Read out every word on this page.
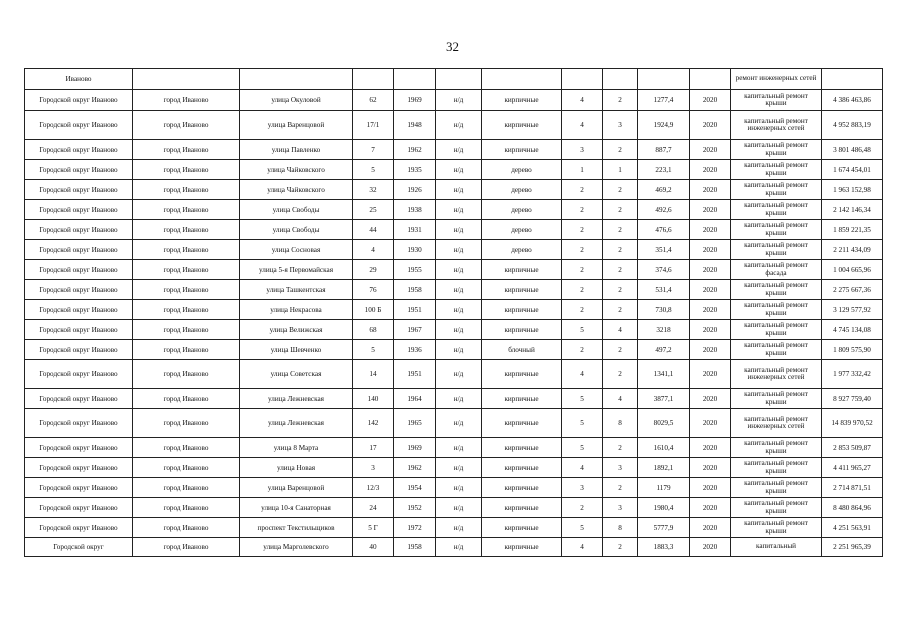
32
Иваново											ремонт инженерных сетей	
Городской округ Иваново	город Иваново	улица Окуловой	62	1969	н/д	кирпичные	4	2	1277,4	2020	капитальный ремонт крыши	4 386 463,86
Городской округ Иваново	город Иваново	улица Варенцовой	17/1	1948	н/д	кирпичные	4	3	1924,9	2020	капитальный ремонт инженерных сетей	4 952 883,19
Городской округ Иваново	город Иваново	улица Павленко	7	1962	н/д	кирпичные	3	2	887,7	2020	капитальный ремонт крыши	3 801 486,48
Городской округ Иваново	город Иваново	улица Чайковского	5	1935	н/д	дерево	1	1	223,1	2020	капитальный ремонт крыши	1 674 454,01
Городской округ Иваново	город Иваново	улица Чайковского	32	1926	н/д	дерево	2	2	469,2	2020	капитальный ремонт крыши	1 963 152,98
Городской округ Иваново	город Иваново	улица Свободы	25	1938	н/д	дерево	2	2	492,6	2020	капитальный ремонт крыши	2 142 146,34
Городской округ Иваново	город Иваново	улица Свободы	44	1931	н/д	дерево	2	2	476,6	2020	капитальный ремонт крыши	1 859 221,35
Городской округ Иваново	город Иваново	улица Сосновая	4	1930	н/д	дерево	2	2	351,4	2020	капитальный ремонт крыши	2 211 434,09
Городской округ Иваново	город Иваново	улица 5-я Первомайская	29	1955	н/д	кирпичные	2	2	374,6	2020	капитальный ремонт фасада	1 004 665,96
Городской округ Иваново	город Иваново	улица Ташкентская	76	1958	н/д	кирпичные	2	2	531,4	2020	капитальный ремонт крыши	2 275 667,36
Городской округ Иваново	город Иваново	улица Некрасова	100 Б	1951	н/д	кирпичные	2	2	730,8	2020	капитальный ремонт крыши	3 129 577,92
Городской округ Иваново	город Иваново	улица Велижская	68	1967	н/д	кирпичные	5	4	3218	2020	капитальный ремонт крыши	4 745 134,08
Городской округ Иваново	город Иваново	улица Шевченко	5	1936	н/д	блочный	2	2	497,2	2020	капитальный ремонт крыши	1 809 575,90
Городской округ Иваново	город Иваново	улица Советская	14	1951	н/д	кирпичные	4	2	1341,1	2020	капитальный ремонт инженерных сетей	1 977 332,42
Городской округ Иваново	город Иваново	улица Лежневская	140	1964	н/д	кирпичные	5	4	3877,1	2020	капитальный ремонт крыши	8 927 759,40
Городской округ Иваново	город Иваново	улица Лежневская	142	1965	н/д	кирпичные	5	8	8029,5	2020	капитальный ремонт инженерных сетей	14 839 970,52
Городской округ Иваново	город Иваново	улица 8 Марта	17	1969	н/д	кирпичные	5	2	1610,4	2020	капитальный ремонт крыши	2 853 509,87
Городской округ Иваново	город Иваново	улица Новая	3	1962	н/д	кирпичные	4	3	1892,1	2020	капитальный ремонт крыши	4 411 965,27
Городской округ Иваново	город Иваново	улица Варенцовой	12/3	1954	н/д	кирпичные	3	2	1179	2020	капитальный ремонт крыши	2 714 871,51
Городской округ Иваново	город Иваново	улица 10-я Санаторная	24	1952	н/д	кирпичные	2	3	1980,4	2020	капитальный ремонт крыши	8 480 864,96
Городской округ Иваново	город Иваново	проспект Текстильщиков	5 Г	1972	н/д	кирпичные	5	8	5777,9	2020	капитальный ремонт крыши	4 251 563,91
Городской округ	город Иваново	улица Марголевского	40	1958	н/д	кирпичные	4	2	1883,3	2020	капитальный	2 251 965,39
